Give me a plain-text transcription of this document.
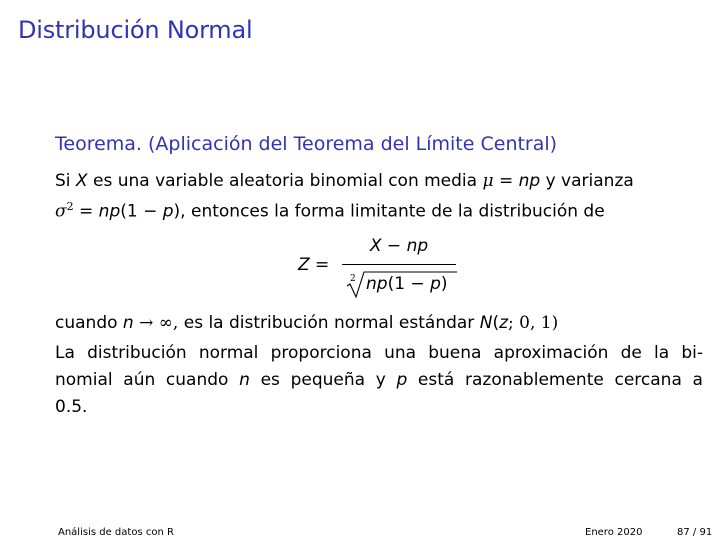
Distribución Normal
Teorema. (Aplicación del Teorema del Límite Central)
Si X es una variable aleatoria binomial con media μ = np y varianza
$\sigma^2 = np(1 - p)$, entonces la forma limitante de la distribución de
Z =
X − np
2 np(1 − p)
cuando n → ∞, es la distribución normal estándar N(z; 0, 1)
La distribución normal proporciona una buena aproximación de la bi-
nomial aún cuando n es pequeña y p está razonablemente cercana a
0.5.
Análisis de datos con R	Enero 2020	87 / 91
